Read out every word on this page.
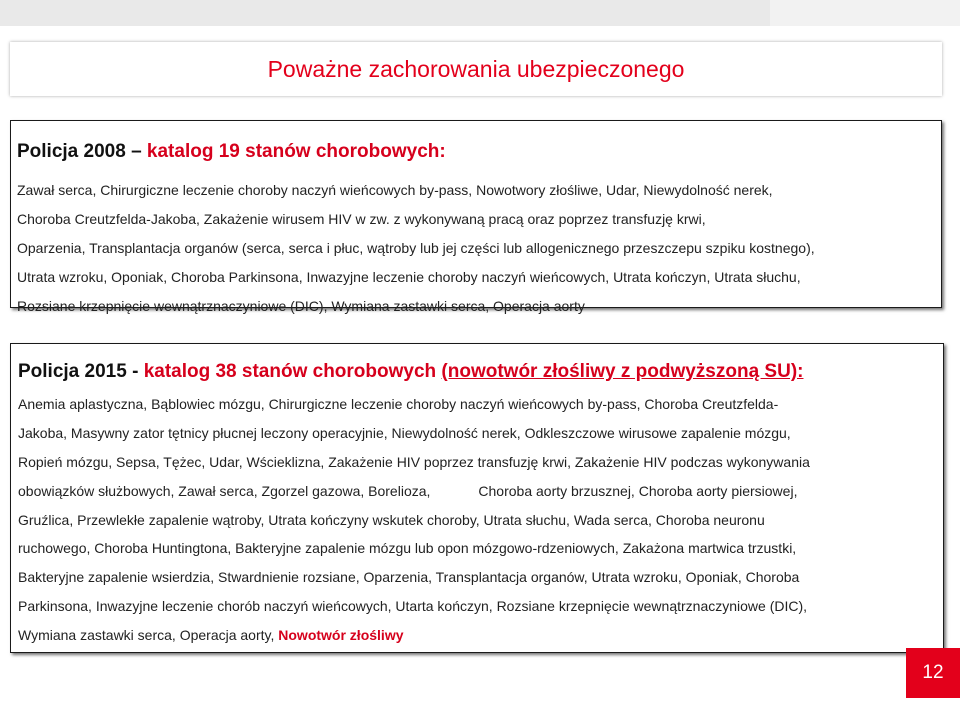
Poważne zachorowania ubezpieczonego

Policja 2008 – katalog 19 stanów chorobowych:

Zawał serca, Chirurgiczne leczenie choroby naczyń wieńcowych by-pass, Nowotwory złośliwe, Udar, Niewydolność nerek,
Choroba Creutzfelda-Jakoba, Zakażenie wirusem HIV w zw. z wykonywaną pracą oraz poprzez transfuzję krwi,
Oparzenia, Transplantacja organów (serca, serca i płuc, wątroby lub jej części lub allogenicznego przeszczepu szpiku kostnego),
Utrata wzroku, Oponiak, Choroba Parkinsona, Inwazyjne leczenie choroby naczyń wieńcowych, Utrata kończyn, Utrata słuchu,
Rozsiane krzepnięcie wewnątrznaczyniowe (DIC), Wymiana zastawki serca, Operacja aorty

Policja 2015 - katalog 38 stanów chorobowych (nowotwór złośliwy z podwyższoną SU):

Anemia aplastyczna, Bąblowiec mózgu, Chirurgiczne leczenie choroby naczyń wieńcowych by-pass, Choroba Creutzfelda-
Jakoba, Masywny zator tętnicy płucnej leczony operacyjnie, Niewydolność nerek, Odkleszczowe wirusowe zapalenie mózgu,
Ropień mózgu, Sepsa, Tężec, Udar, Wścieklizna, Zakażenie HIV poprzez transfuzję krwi, Zakażenie HIV podczas wykonywania
obowiązków służbowych, Zawał serca, Zgorzel gazowa, Borelioza,	Choroba aorty brzusznej, Choroba aorty piersiowej,
Gruźlica, Przewlekłe zapalenie wątroby, Utrata kończyny wskutek choroby, Utrata słuchu, Wada serca, Choroba neuronu
ruchowego, Choroba Huntingtona, Bakteryjne zapalenie mózgu lub opon mózgowo-rdzeniowych, Zakażona martwica trzustki,
Bakteryjne zapalenie wsierdzia, Stwardnienie rozsiane, Oparzenia, Transplantacja organów, Utrata wzroku, Oponiak, Choroba
Parkinsona, Inwazyjne leczenie chorób naczyń wieńcowych, Utarta kończyn, Rozsiane krzepnięcie wewnątrznaczyniowe (DIC),
Wymiana zastawki serca, Operacja aorty, Nowotwór złośliwy
12
